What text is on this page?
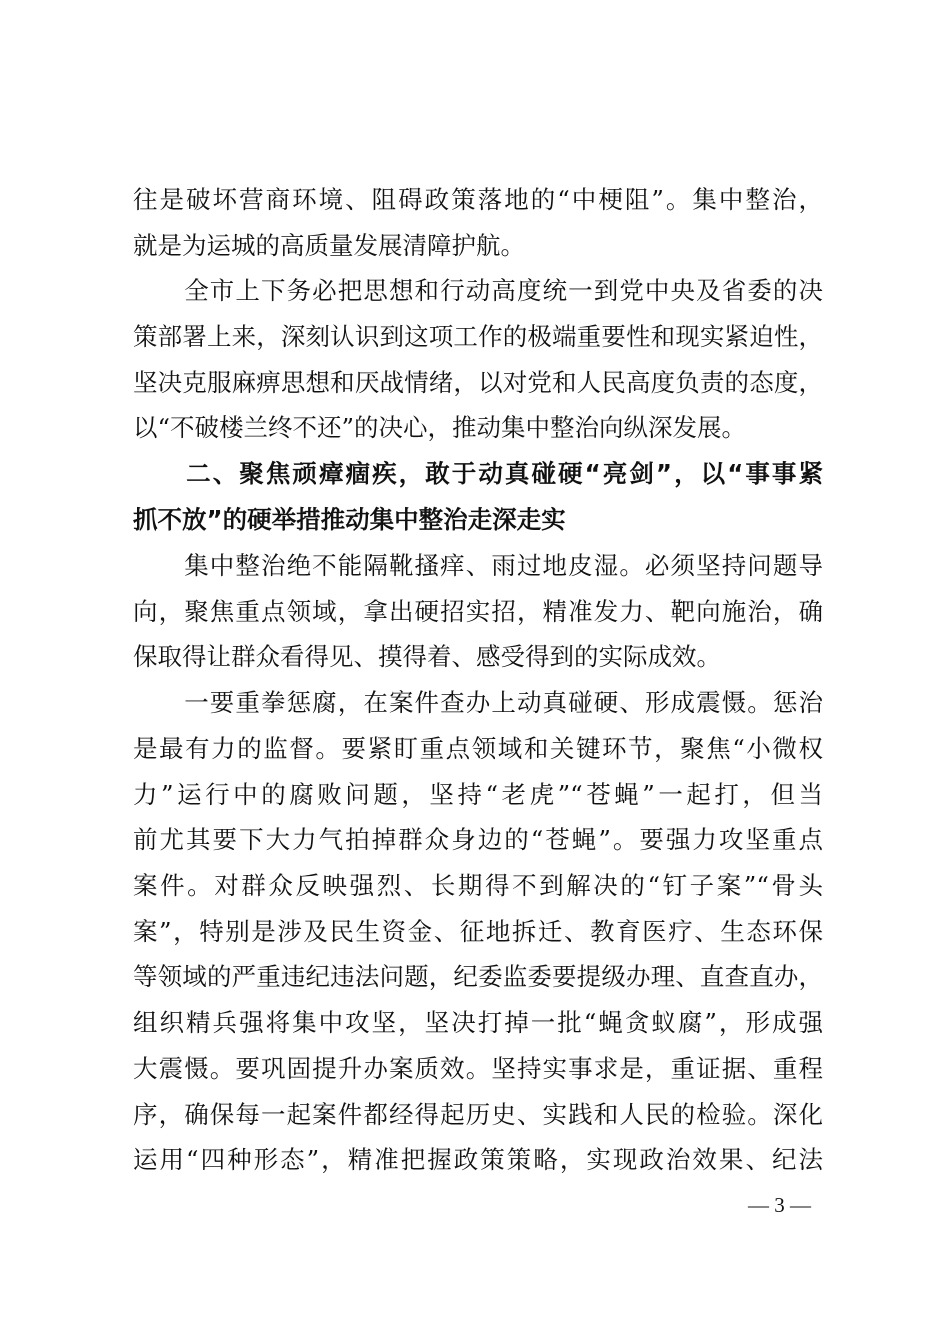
往是破坏营商环境、阻碍政策落地的“中梗阻”。集中整治，
就是为运城的高质量发展清障护航。
　　全市上下务必把思想和行动高度统一到党中央及省委的决
策部署上来，深刻认识到这项工作的极端重要性和现实紧迫性，
坚决克服麻痹思想和厌战情绪，以对党和人民高度负责的态度，
以“不破楼兰终不还”的决心，推动集中整治向纵深发展。
　　二、聚焦顽瘴痼疾，敢于动真碰硬“亮剑”，以“事事紧
抓不放”的硬举措推动集中整治走深走实
　　集中整治绝不能隔靴搔痒、雨过地皮湿。必须坚持问题导
向，聚焦重点领域，拿出硬招实招，精准发力、靶向施治，确
保取得让群众看得见、摸得着、感受得到的实际成效。
　　一要重拳惩腐，在案件查办上动真碰硬、形成震慑。惩治
是最有力的监督。要紧盯重点领域和关键环节，聚焦“小微权
力”运行中的腐败问题，坚持“老虎”“苍蝇”一起打，但当
前尤其要下大力气拍掉群众身边的“苍蝇”。要强力攻坚重点
案件。对群众反映强烈、长期得不到解决的“钉子案”“骨头
案”，特别是涉及民生资金、征地拆迁、教育医疗、生态环保
等领域的严重违纪违法问题，纪委监委要提级办理、直查直办，
组织精兵强将集中攻坚，坚决打掉一批“蝇贪蚁腐”，形成强
大震慑。要巩固提升办案质效。坚持实事求是，重证据、重程
序，确保每一起案件都经得起历史、实践和人民的检验。深化
运用“四种形态”，精准把握政策策略，实现政治效果、纪法
— 3 —
